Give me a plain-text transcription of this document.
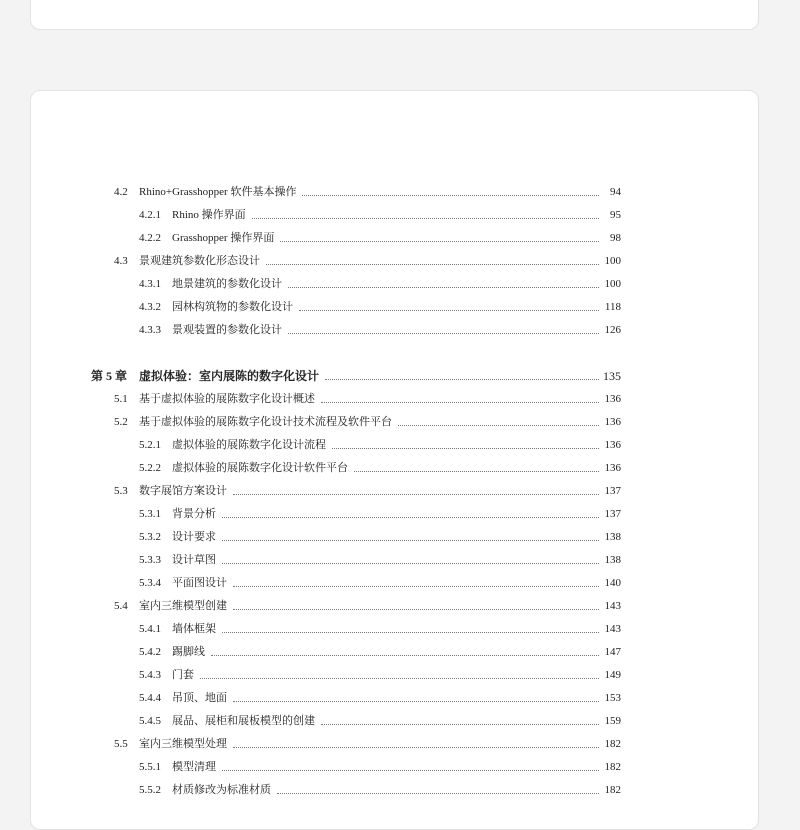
4.2	Rhino+Grasshopper 软件基本操作	94
4.2.1	Rhino 操作界面	95
4.2.2	Grasshopper 操作界面	98
4.3	景观建筑参数化形态设计	100
4.3.1	地景建筑的参数化设计	100
4.3.2	园林构筑物的参数化设计	118
4.3.3	景观装置的参数化设计	126
第 5 章 虚拟体验：室内展陈的数字化设计	135
5.1	基于虚拟体验的展陈数字化设计概述	136
5.2	基于虚拟体验的展陈数字化设计技术流程及软件平台	136
5.2.1	虚拟体验的展陈数字化设计流程	136
5.2.2	虚拟体验的展陈数字化设计软件平台	136
5.3	数字展馆方案设计	137
5.3.1	背景分析	137
5.3.2	设计要求	138
5.3.3	设计草图	138
5.3.4	平面图设计	140
5.4	室内三维模型创建	143
5.4.1	墙体框架	143
5.4.2	踢脚线	147
5.4.3	门套	149
5.4.4	吊顶、地面	153
5.4.5	展品、展柜和展板模型的创建	159
5.5	室内三维模型处理	182
5.5.1	模型清理	182
5.5.2	材质修改为标准材质	182
